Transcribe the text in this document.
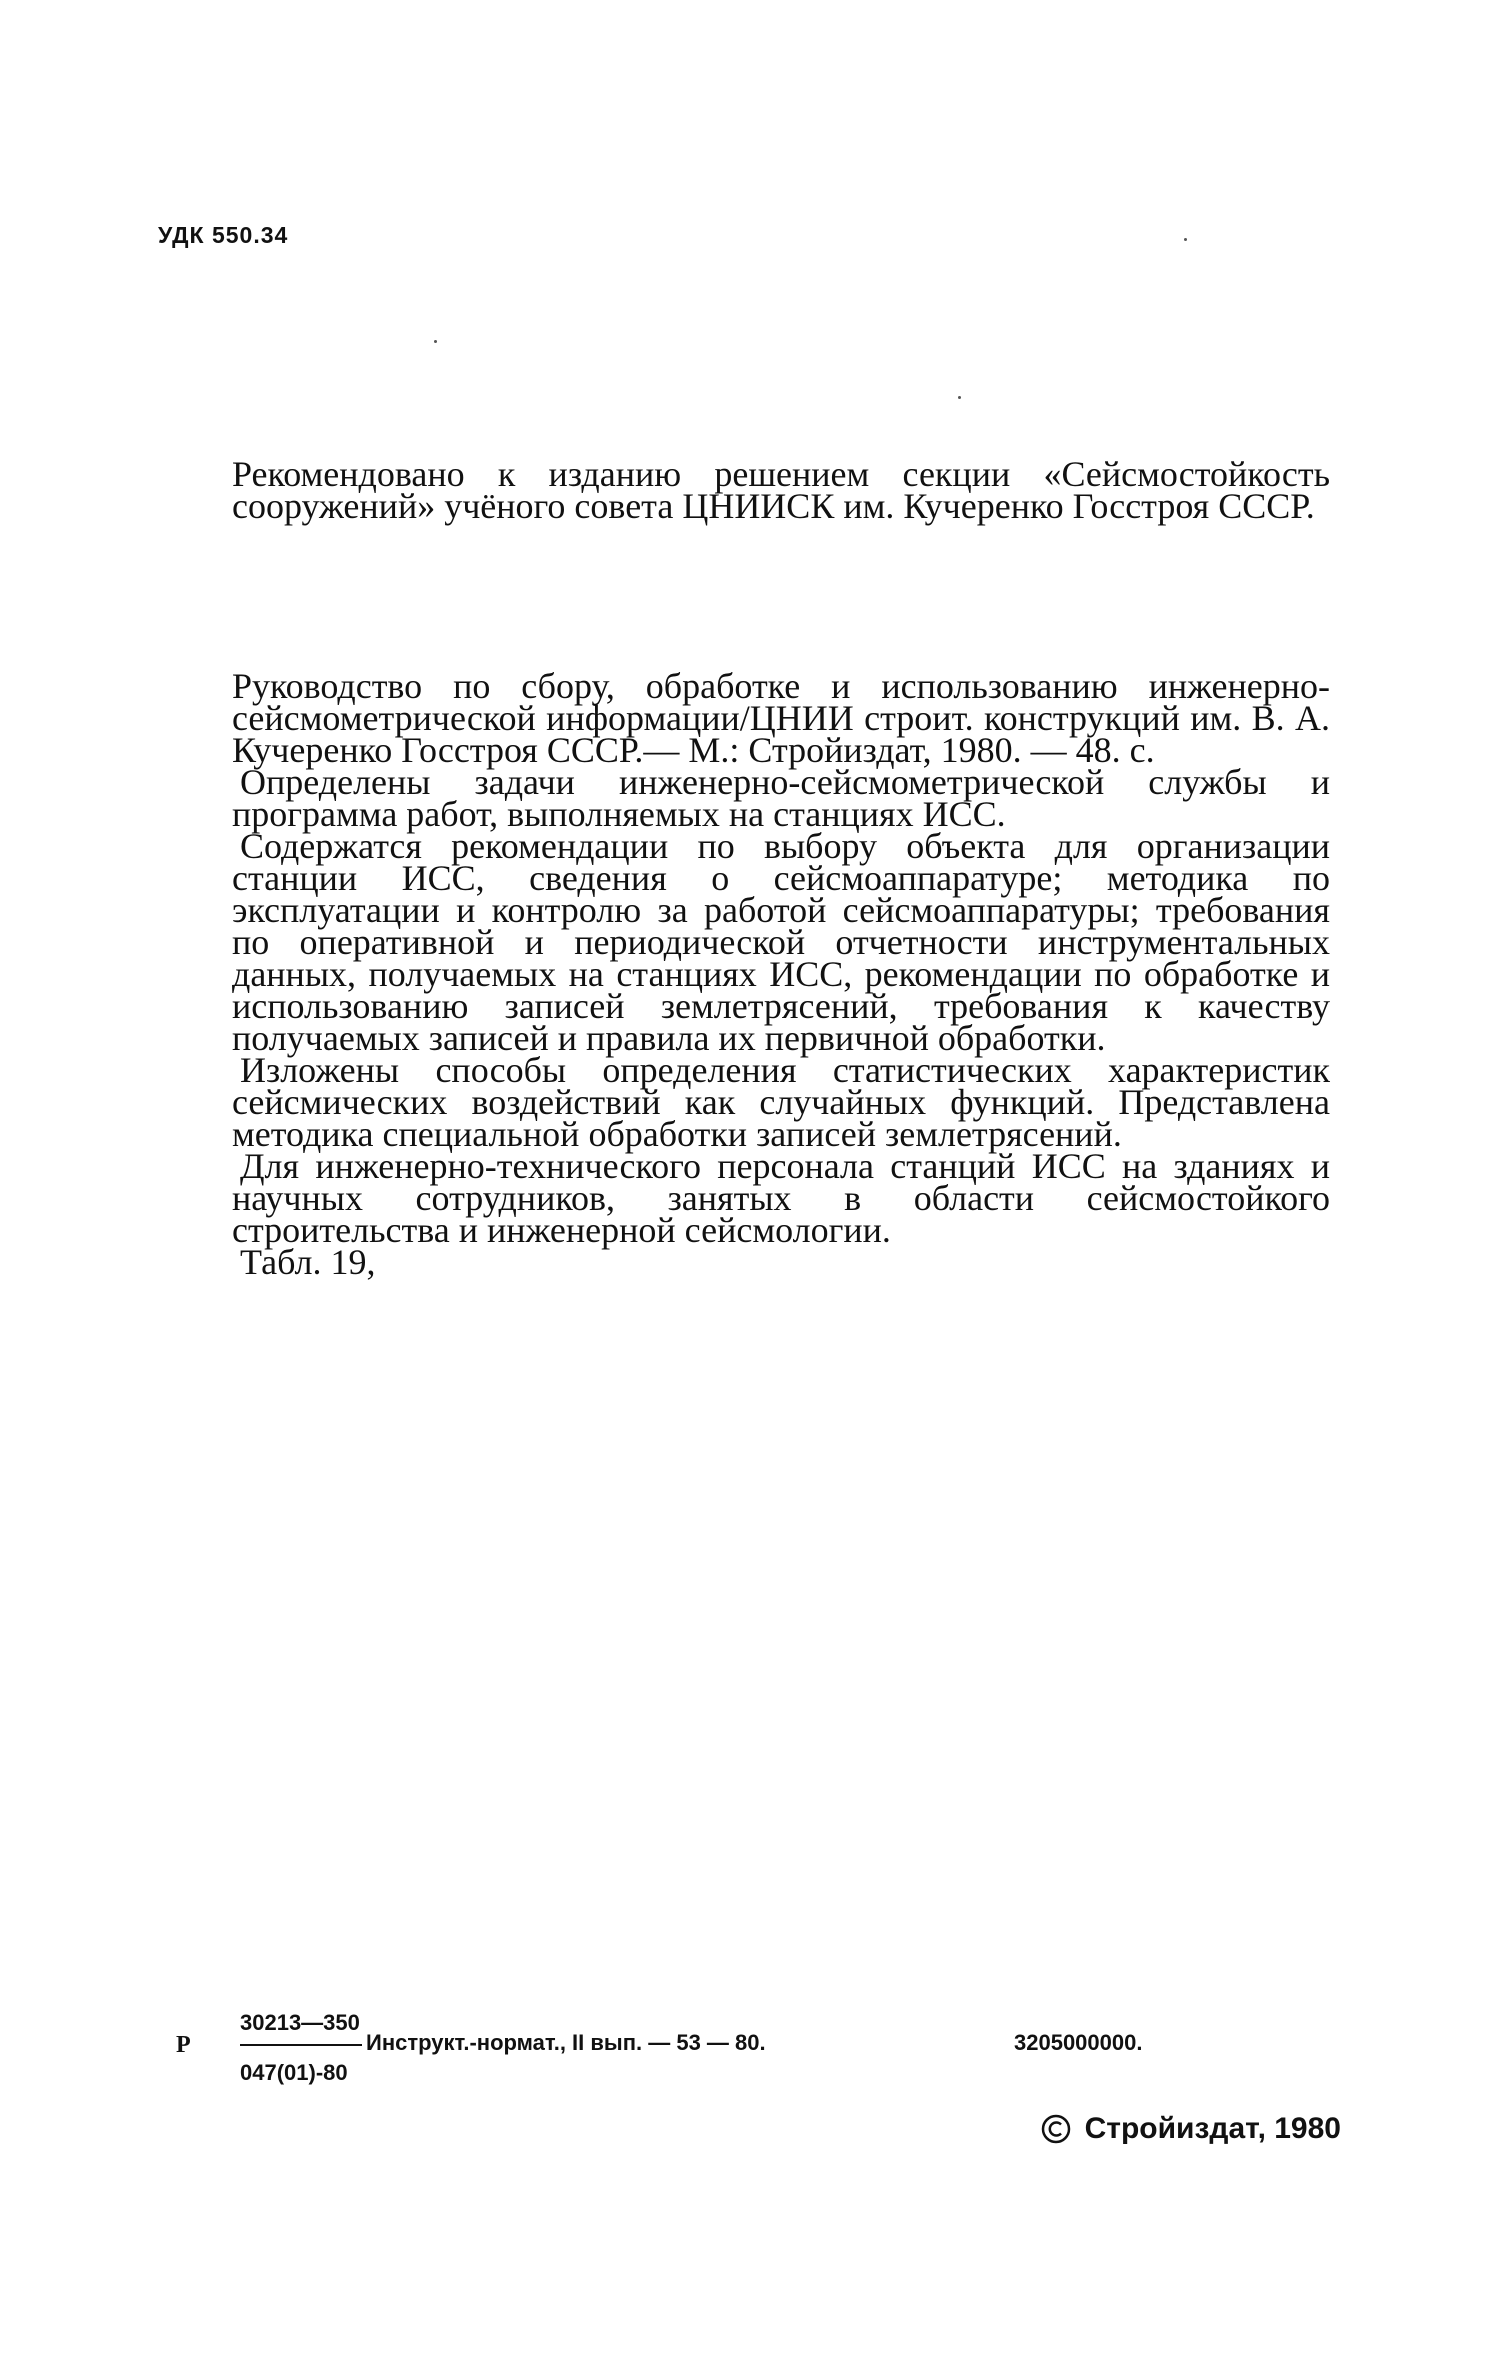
УДК 550.34

Рекомендовано к изданию решением секции «Сейсмостойкость сооружений» учёного совета ЦНИИСК им. Кучеренко Госстроя СССР.

Руководство по сбору, обработке и использованию инженерно-сейсмометрической информации/ЦНИИ строит. конструкций им. В. А. Кучеренко Госстроя СССР.— М.: Стройиздат, 1980. — 48. с.

Определены задачи инженерно-сейсмометрической службы и программа работ, выполняемых на станциях ИСС.

Содержатся рекомендации по выбору объекта для организации станции ИСС, сведения о сейсмоаппаратуре; методика по эксплуатации и контролю за работой сейсмоаппаратуры; требования по оперативной и периодической отчетности инструментальных данных, получаемых на станциях ИСС, рекомендации по обработке и использованию записей землетрясений, требования к качеству получаемых записей и правила их первичной обработки.

Изложены способы определения статистических характеристик сейсмических воздействий как случайных функций. Представлена методика специальной обработки записей землетрясений.

Для инженерно-технического персонала станций ИСС на зданиях и научных сотрудников, занятых в области сейсмостойкого строительства и инженерной сейсмологии.

Табл. 19,

Р
30213—350
047(01)-80
Инструкт.-нормат., II вып. — 53 — 80.	3205000000.
Стройиздат, 1980
